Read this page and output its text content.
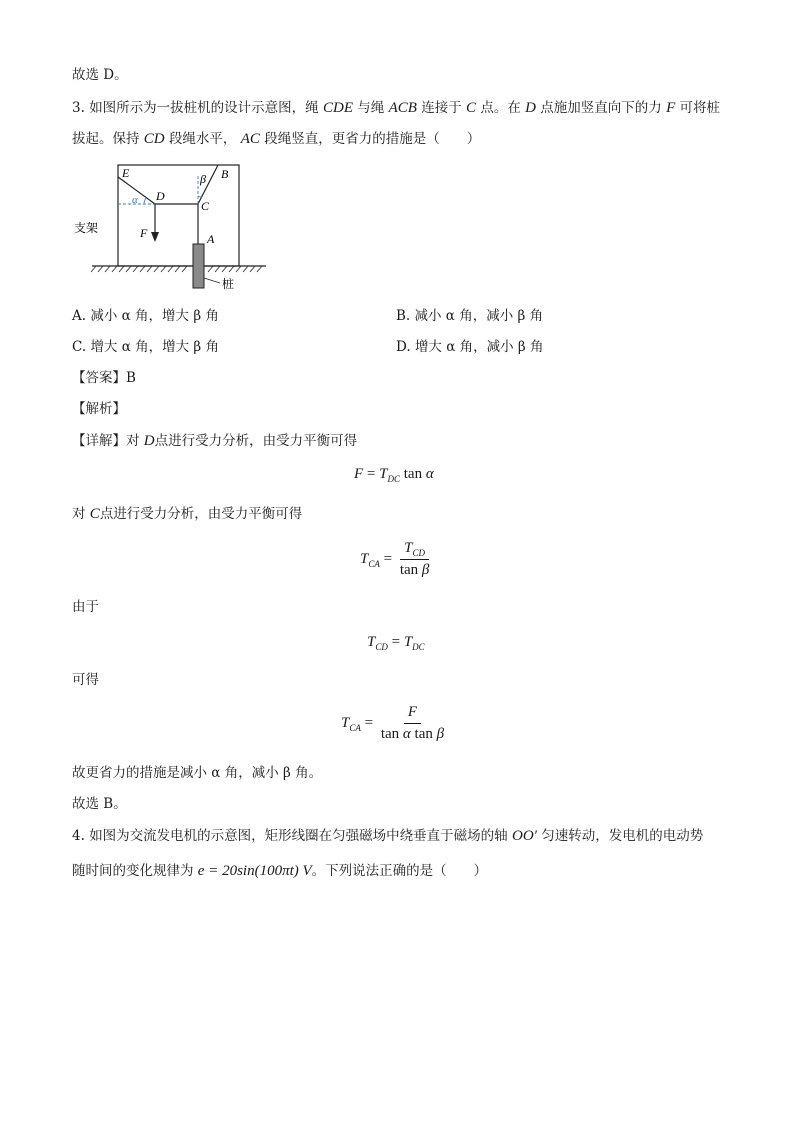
故选 D。
3. 如图所示为一拔桩机的设计示意图，绳 CDE 与绳 ACB 连接于 C 点。在 D 点施加竖直向下的力 F 可将桩
拔起。保持 CD 段绳水平， AC 段绳竖直，更省力的措施是（　　）
E
D
α
β B
C
A
F
支架
桩
A. 减小 α 角，增大 β 角	B. 减小 α 角，减小 β 角
C. 增大 α 角，增大 β 角	D. 增大 α 角，减小 β 角
【答案】B
【解析】
【详解】对 D点进行受力分析，由受力平衡可得
$F = T_{DC}$ tan α
对 C点进行受力分析，由受力平衡可得
$T_{CA} = \frac{T_{CD}}{\text{tan β}}$
由于
$T_{CD} = T_{DC}$
可得
$T_{CA} = \frac{F}{\text{tan α tan β}}$
故更省力的措施是减小 α 角，减小 β 角。
故选 B。
4. 如图为交流发电机的示意图，矩形线圈在匀强磁场中绕垂直于磁场的轴 OO′ 匀速转动，发电机的电动势
随时间的变化规律为 e = 20sin(100πt) V。下列说法正确的是（　　）
